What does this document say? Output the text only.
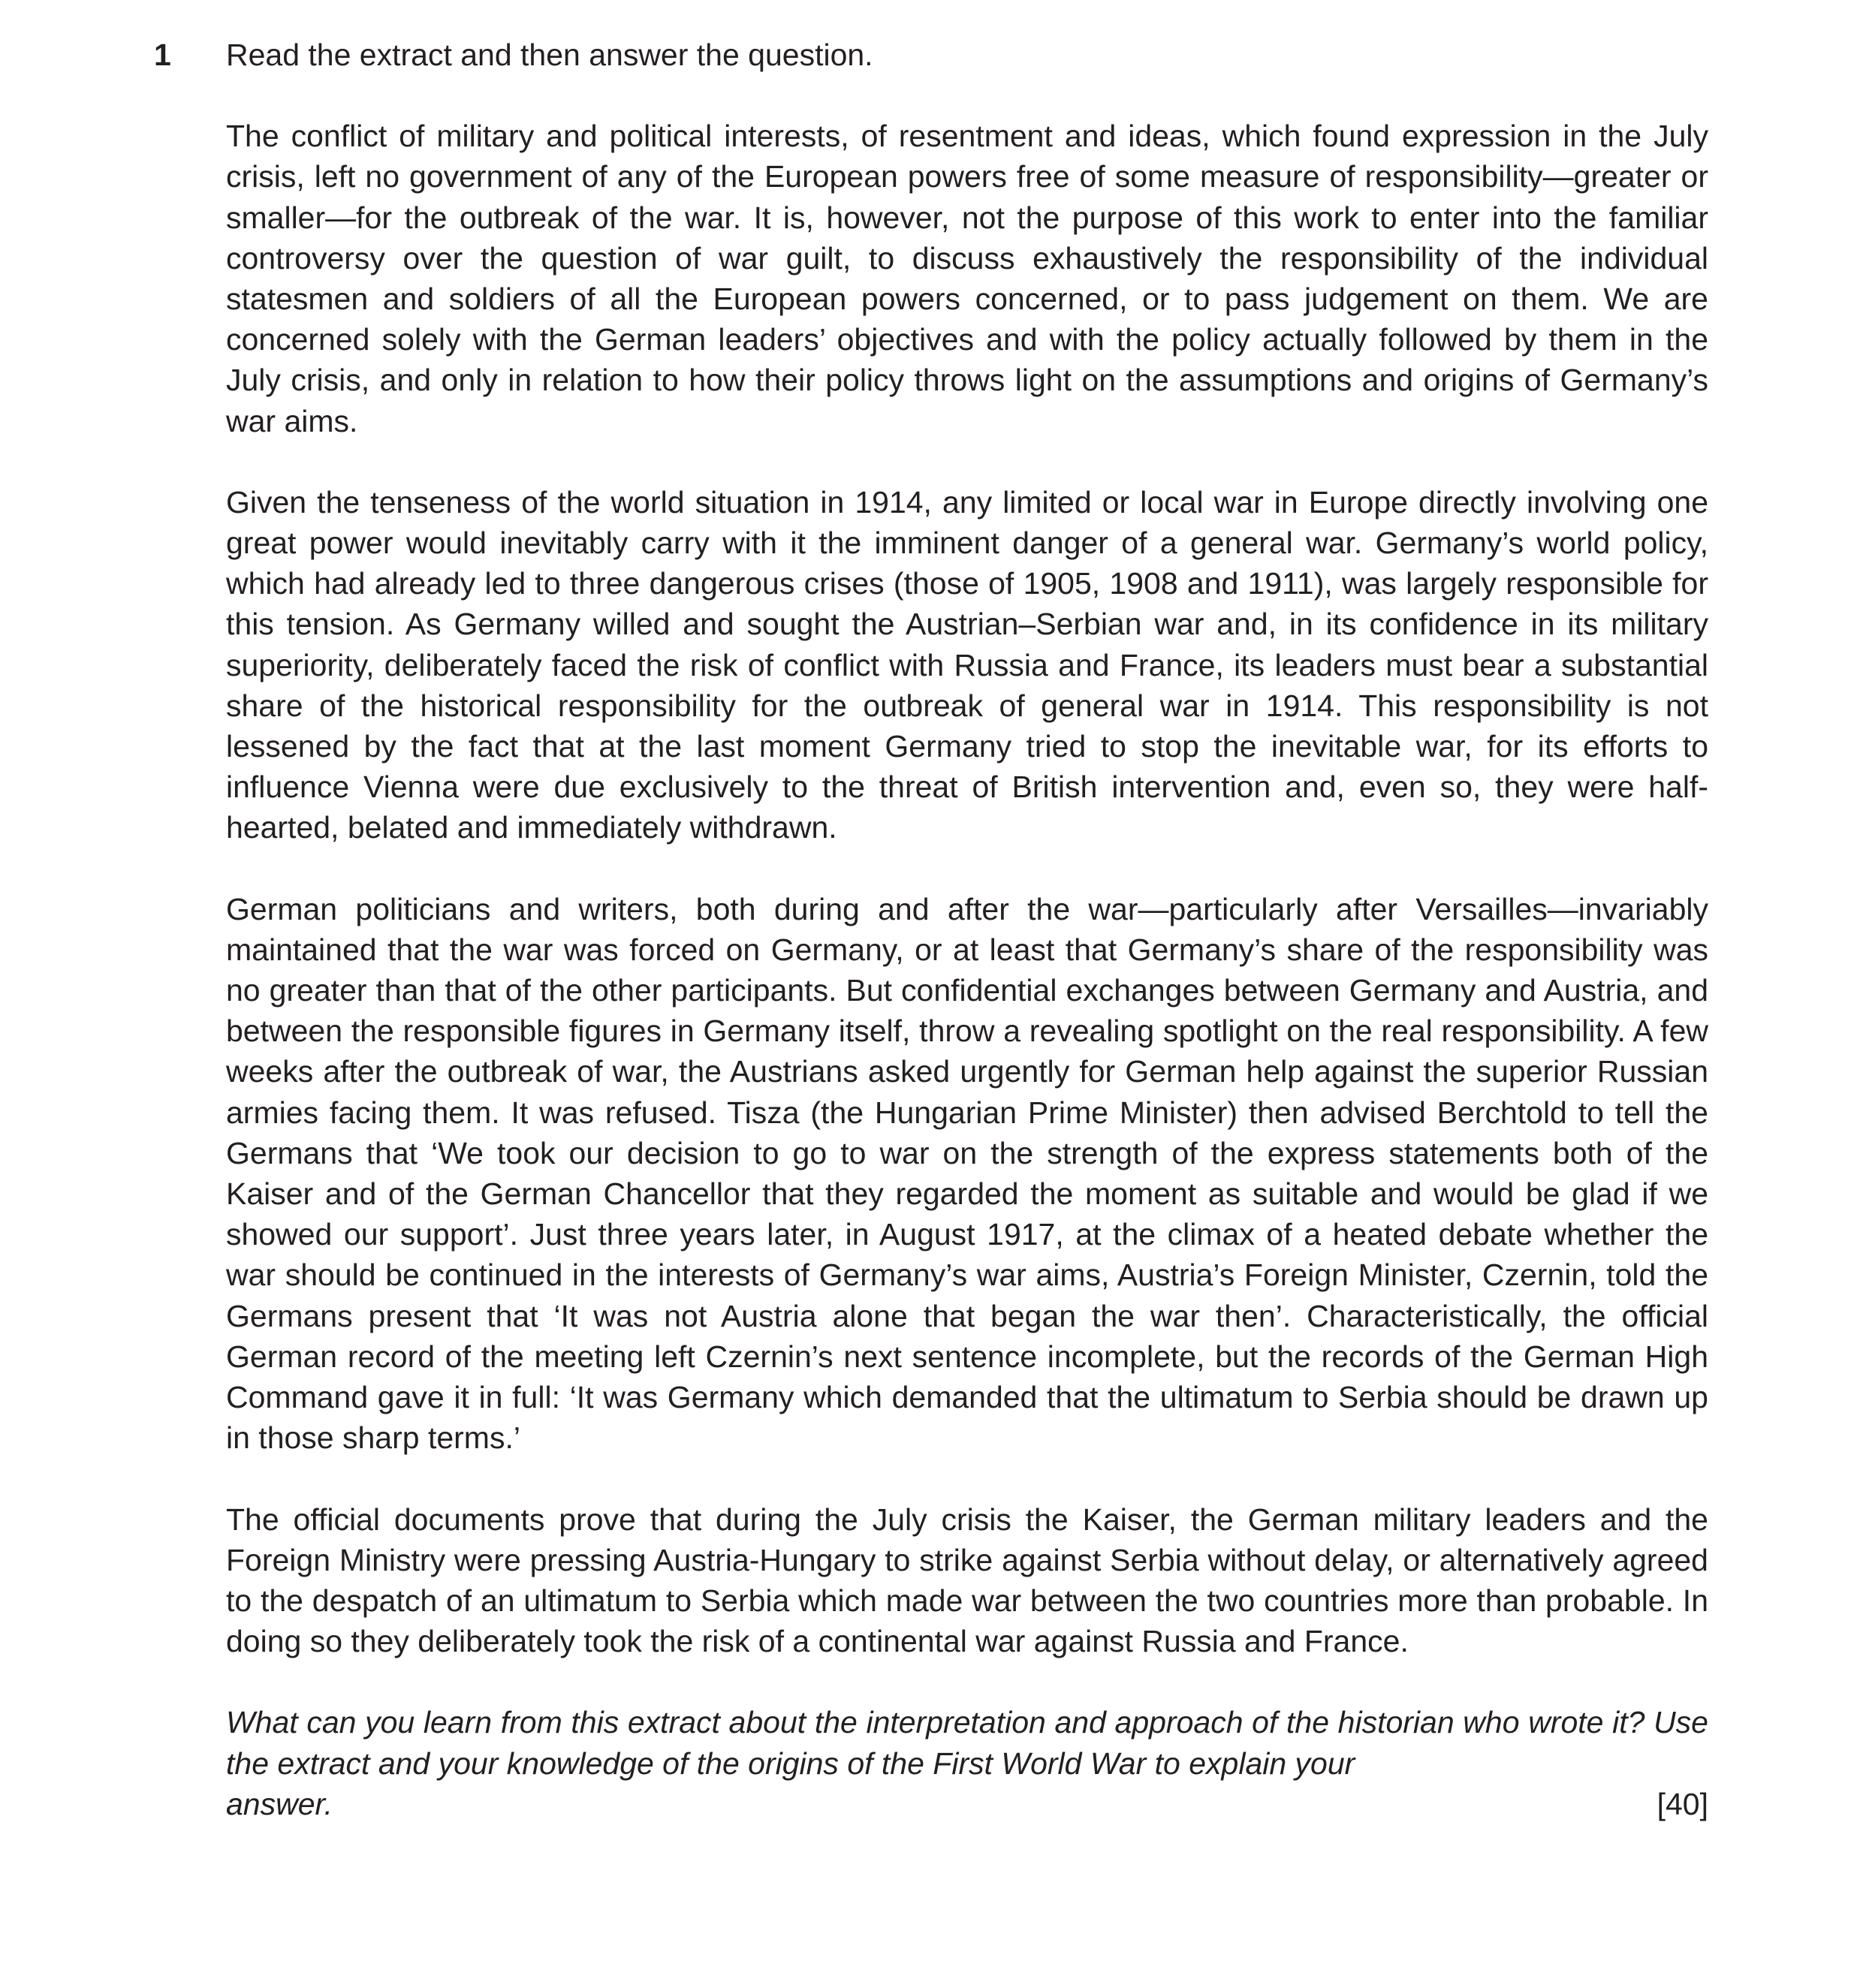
1 Read the extract and then answer the question.

The conflict of military and political interests, of resentment and ideas, which found expression in the July crisis, left no government of any of the European powers free of some measure of responsibility—greater or smaller—for the outbreak of the war. It is, however, not the purpose of this work to enter into the familiar controversy over the question of war guilt, to discuss exhaustively the responsibility of the individual statesmen and soldiers of all the European powers concerned, or to pass judgement on them. We are concerned solely with the German leaders’ objectives and with the policy actually followed by them in the July crisis, and only in relation to how their policy throws light on the assumptions and origins of Germany’s war aims.

Given the tenseness of the world situation in 1914, any limited or local war in Europe directly involving one great power would inevitably carry with it the imminent danger of a general war. Germany’s world policy, which had already led to three dangerous crises (those of 1905, 1908 and 1911), was largely responsible for this tension. As Germany willed and sought the Austrian–Serbian war and, in its confidence in its military superiority, deliberately faced the risk of conflict with Russia and France, its leaders must bear a substantial share of the historical responsibility for the outbreak of general war in 1914. This responsibility is not lessened by the fact that at the last moment Germany tried to stop the inevitable war, for its efforts to influence Vienna were due exclusively to the threat of British intervention and, even so, they were half-hearted, belated and immediately withdrawn.

German politicians and writers, both during and after the war—particularly after Versailles—invariably maintained that the war was forced on Germany, or at least that Germany’s share of the responsibility was no greater than that of the other participants. But confidential exchanges between Germany and Austria, and between the responsible figures in Germany itself, throw a revealing spotlight on the real responsibility. A few weeks after the outbreak of war, the Austrians asked urgently for German help against the superior Russian armies facing them. It was refused. Tisza (the Hungarian Prime Minister) then advised Berchtold to tell the Germans that ‘We took our decision to go to war on the strength of the express statements both of the Kaiser and of the German Chancellor that they regarded the moment as suitable and would be glad if we showed our support’. Just three years later, in August 1917, at the climax of a heated debate whether the war should be continued in the interests of Germany’s war aims, Austria’s Foreign Minister, Czernin, told the Germans present that ‘It was not Austria alone that began the war then’. Characteristically, the official German record of the meeting left Czernin’s next sentence incomplete, but the records of the German High Command gave it in full: ‘It was Germany which demanded that the ultimatum to Serbia should be drawn up in those sharp terms.’

The official documents prove that during the July crisis the Kaiser, the German military leaders and the Foreign Ministry were pressing Austria-Hungary to strike against Serbia without delay, or alternatively agreed to the despatch of an ultimatum to Serbia which made war between the two countries more than probable. In doing so they deliberately took the risk of a continental war against Russia and France.

What can you learn from this extract about the interpretation and approach of the historian who wrote it? Use the extract and your knowledge of the origins of the First World War to explain your
answer.	[40]
